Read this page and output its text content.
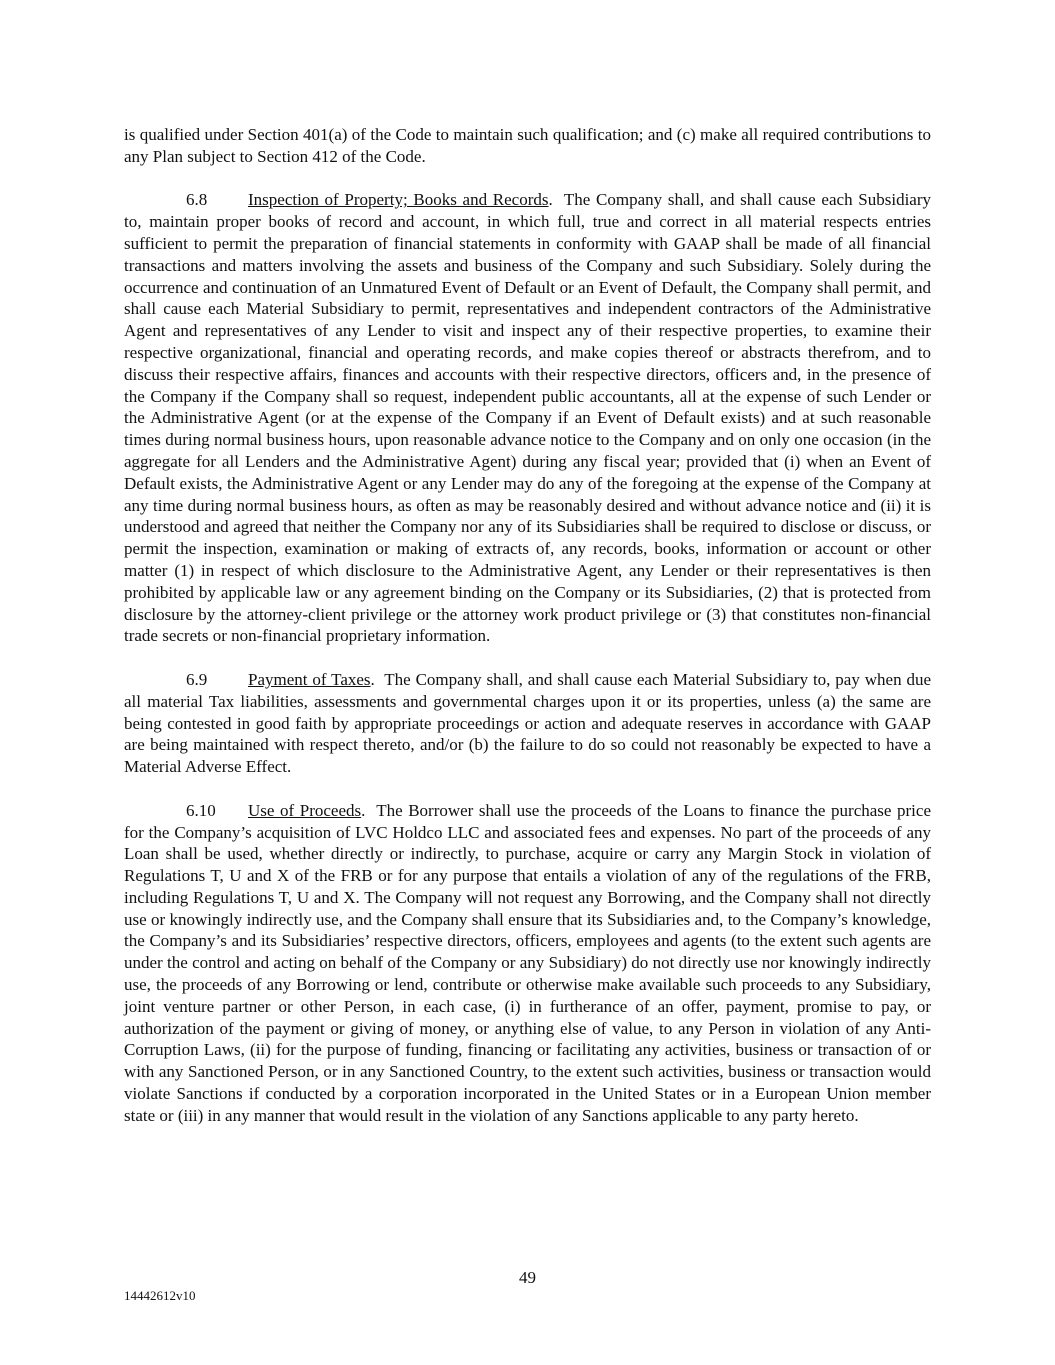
is qualified under Section 401(a) of the Code to maintain such qualification; and (c) make all required contributions to any Plan subject to Section 412 of the Code.

6.8 Inspection of Property; Books and Records.  The Company shall, and shall cause each Subsidiary to, maintain proper books of record and account, in which full, true and correct in all material respects entries sufficient to permit the preparation of financial statements in conformity with GAAP shall be made of all financial transactions and matters involving the assets and business of the Company and such Subsidiary. Solely during the occurrence and continuation of an Unmatured Event of Default or an Event of Default, the Company shall permit, and shall cause each Material Subsidiary to permit, representatives and independent contractors of the Administrative Agent and representatives of any Lender to visit and inspect any of their respective properties, to examine their respective organizational, financial and operating records, and make copies thereof or abstracts therefrom, and to discuss their respective affairs, finances and accounts with their respective directors, officers and, in the presence of the Company if the Company shall so request, independent public accountants, all at the expense of such Lender or the Administrative Agent (or at the expense of the Company if an Event of Default exists) and at such reasonable times during normal business hours, upon reasonable advance notice to the Company and on only one occasion (in the aggregate for all Lenders and the Administrative Agent) during any fiscal year; provided that (i) when an Event of Default exists, the Administrative Agent or any Lender may do any of the foregoing at the expense of the Company at any time during normal business hours, as often as may be reasonably desired and without advance notice and (ii) it is understood and agreed that neither the Company nor any of its Subsidiaries shall be required to disclose or discuss, or permit the inspection, examination or making of extracts of, any records, books, information or account or other matter (1) in respect of which disclosure to the Administrative Agent, any Lender or their representatives is then prohibited by applicable law or any agreement binding on the Company or its Subsidiaries, (2) that is protected from disclosure by the attorney-client privilege or the attorney work product privilege or (3) that constitutes non-financial trade secrets or non-financial proprietary information.

6.9 Payment of Taxes.  The Company shall, and shall cause each Material Subsidiary to, pay when due all material Tax liabilities, assessments and governmental charges upon it or its properties, unless (a) the same are being contested in good faith by appropriate proceedings or action and adequate reserves in accordance with GAAP are being maintained with respect thereto, and/or (b) the failure to do so could not reasonably be expected to have a Material Adverse Effect.

6.10 Use of Proceeds.  The Borrower shall use the proceeds of the Loans to finance the purchase price for the Company’s acquisition of LVC Holdco LLC and associated fees and expenses. No part of the proceeds of any Loan shall be used, whether directly or indirectly, to purchase, acquire or carry any Margin Stock in violation of Regulations T, U and X of the FRB or for any purpose that entails a violation of any of the regulations of the FRB, including Regulations T, U and X. The Company will not request any Borrowing, and the Company shall not directly use or knowingly indirectly use, and the Company shall ensure that its Subsidiaries and, to the Company’s knowledge, the Company’s and its Subsidiaries’ respective directors, officers, employees and agents (to the extent such agents are under the control and acting on behalf of the Company or any Subsidiary) do not directly use nor knowingly indirectly use, the proceeds of any Borrowing or lend, contribute or otherwise make available such proceeds to any Subsidiary, joint venture partner or other Person, in each case, (i) in furtherance of an offer, payment, promise to pay, or authorization of the payment or giving of money, or anything else of value, to any Person in violation of any Anti-Corruption Laws, (ii) for the purpose of funding, financing or facilitating any activities, business or transaction of or with any Sanctioned Person, or in any Sanctioned Country, to the extent such activities, business or transaction would violate Sanctions if conducted by a corporation incorporated in the United States or in a European Union member state or (iii) in any manner that would result in the violation of any Sanctions applicable to any party hereto.

49
14442612v10
